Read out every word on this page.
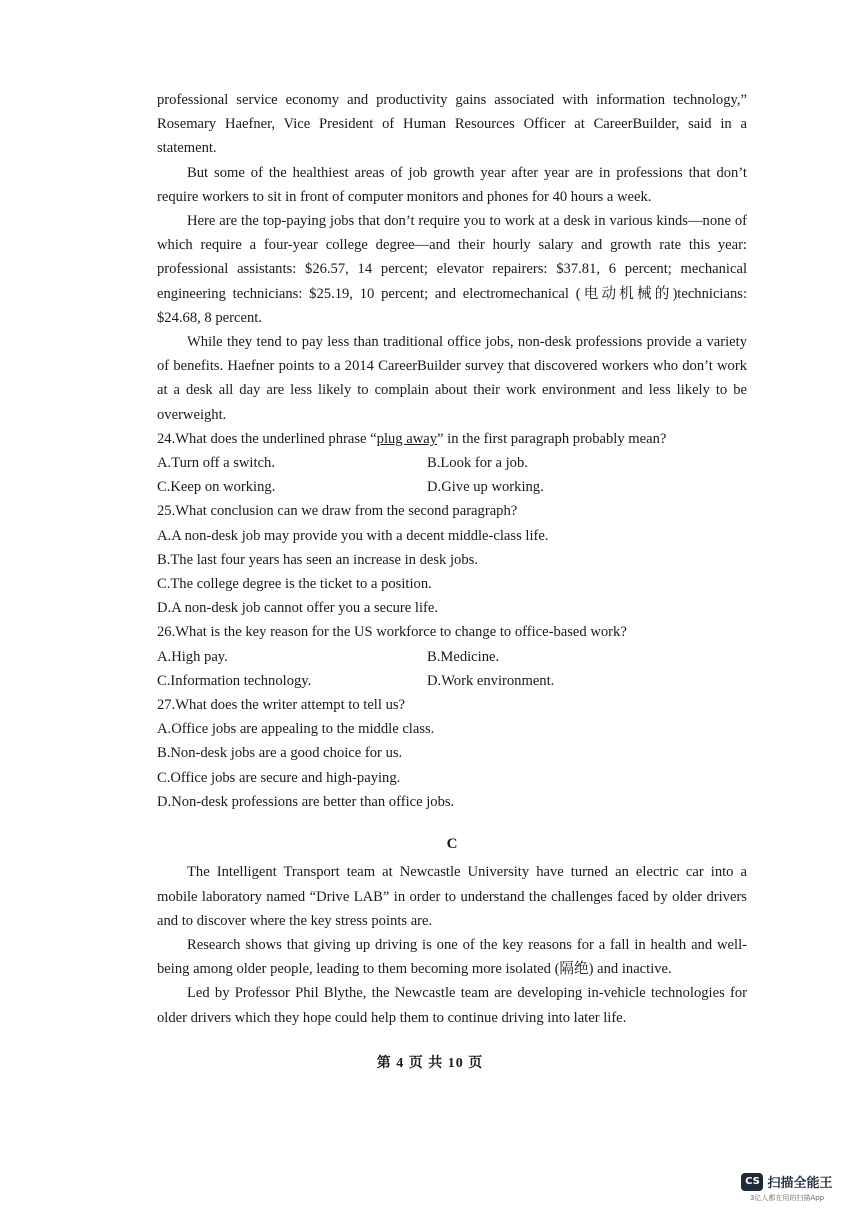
professional service economy and productivity gains associated with information technology,” Rosemary Haefner, Vice President of Human Resources Officer at CareerBuilder, said in a statement.

But some of the healthiest areas of job growth year after year are in professions that don’t require workers to sit in front of computer monitors and phones for 40 hours a week.

Here are the top-paying jobs that don’t require you to work at a desk in various kinds—none of which require a four-year college degree—and their hourly salary and growth rate this year: professional assistants: $26.57, 14 percent; elevator repairers: $37.81, 6 percent; mechanical engineering technicians: $25.19, 10 percent; and electromechanical (电动机械的)technicians: $24.68, 8 percent.

While they tend to pay less than traditional office jobs, non-desk professions provide a variety of benefits. Haefner points to a 2014 CareerBuilder survey that discovered workers who don’t work at a desk all day are less likely to complain about their work environment and less likely to be overweight.

24.What does the underlined phrase “plug away” in the first paragraph probably mean?

A.Turn off a switch.	B.Look for a job.
C.Keep on working.	D.Give up working.

25.What conclusion can we draw from the second paragraph?

A.A non-desk job may provide you with a decent middle-class life.

B.The last four years has seen an increase in desk jobs.

C.The college degree is the ticket to a position.

D.A non-desk job cannot offer you a secure life.

26.What is the key reason for the US workforce to change to office-based work?

A.High pay.	B.Medicine.
C.Information technology.	D.Work environment.

27.What does the writer attempt to tell us?

A.Office jobs are appealing to the middle class.

B.Non-desk jobs are a good choice for us.

C.Office jobs are secure and high-paying.

D.Non-desk professions are better than office jobs.

C

The Intelligent Transport team at Newcastle University have turned an electric car into a mobile laboratory named “Drive LAB” in order to understand the challenges faced by older drivers and to discover where the key stress points are.

Research shows that giving up driving is one of the key reasons for a fall in health and well-being among older people, leading to them becoming more isolated (隔绝) and inactive.

Led by Professor Phil Blythe, the Newcastle team are developing in-vehicle technologies for older drivers which they hope could help them to continue driving into later life.

第 4 页 共 10 页
CS 扫描全能王
3亿人都在用的扫描App
